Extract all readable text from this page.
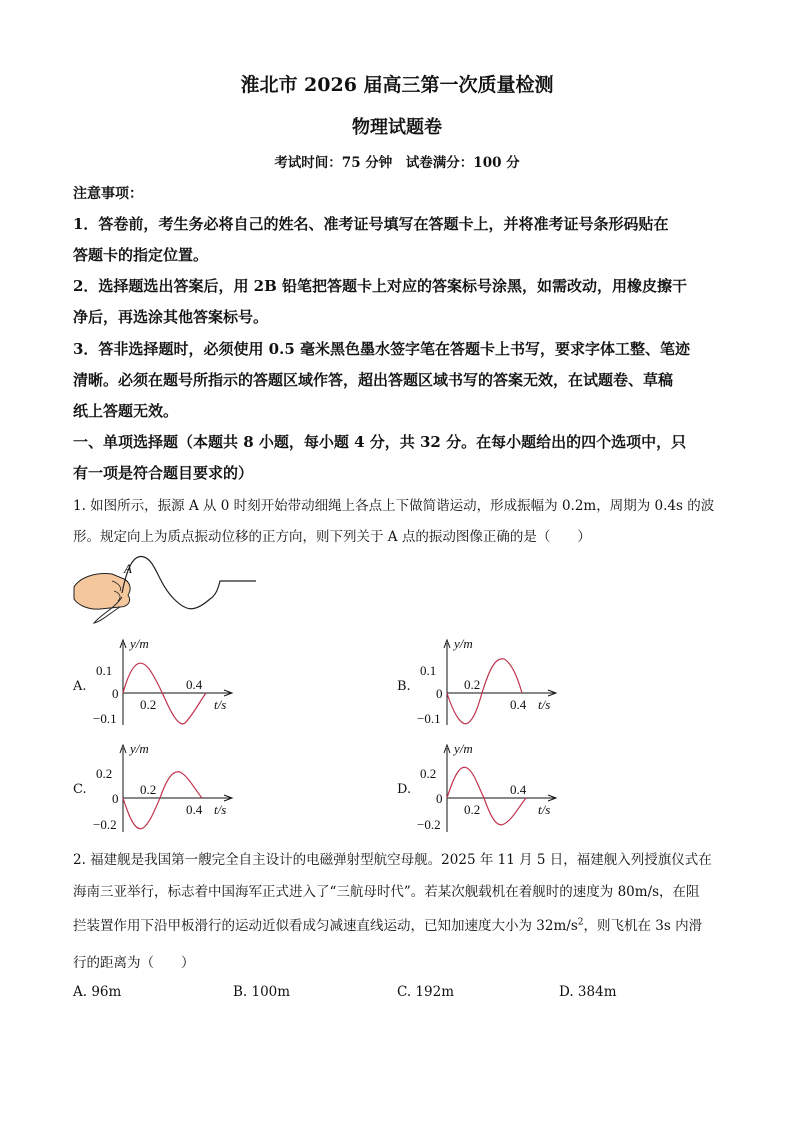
淮北市 2026 届高三第一次质量检测
物理试题卷
考试时间：75 分钟　试卷满分：100 分
注意事项：
1．答卷前，考生务必将自己的姓名、准考证号填写在答题卡上，并将准考证号条形码贴在
答题卡的指定位置。
2．选择题选出答案后，用 2B 铅笔把答题卡上对应的答案标号涂黑，如需改动，用橡皮擦干
净后，再选涂其他答案标号。
3．答非选择题时，必须使用 0.5 毫米黑色墨水签字笔在答题卡上书写，要求字体工整、笔迹
清晰。必须在题号所指示的答题区域作答，超出答题区域书写的答案无效，在试题卷、草稿
纸上答题无效。
一、单项选择题（本题共 8 小题，每小题 4 分，共 32 分。在每小题给出的四个选项中，只
有一项是符合题目要求的）
1. 如图所示，振源 A 从 0 时刻开始带动细绳上各点上下做简谐运动，形成振幅为 0.2m，周期为 0.4s 的波
形。规定向上为质点振动位移的正方向，则下列关于 A 点的振动图像正确的是（　　）
A
A.
y/m
0.1
0
−0.1
0.2
0.4
t/s
B.
y/m
0.1
0
−0.1
0.2
0.4 t/s
C.
y/m
0.2
0
−0.2
0.2
0.4 t/s
D.
y/m
0.2
0
−0.2
0.2
0.4
t/s
2. 福建舰是我国第一艘完全自主设计的电磁弹射型航空母舰。2025 年 11 月 5 日，福建舰入列授旗仪式在
海南三亚举行，标志着中国海军正式进入了“三航母时代”。若某次舰载机在着舰时的速度为 80m/s，在阻
拦装置作用下沿甲板滑行的运动近似看成匀减速直线运动，已知加速度大小为 $32m/s^2$，则飞机在 3s 内滑
行的距离为（　　）
A. 96m	B. 100m	C. 192m	D. 384m
